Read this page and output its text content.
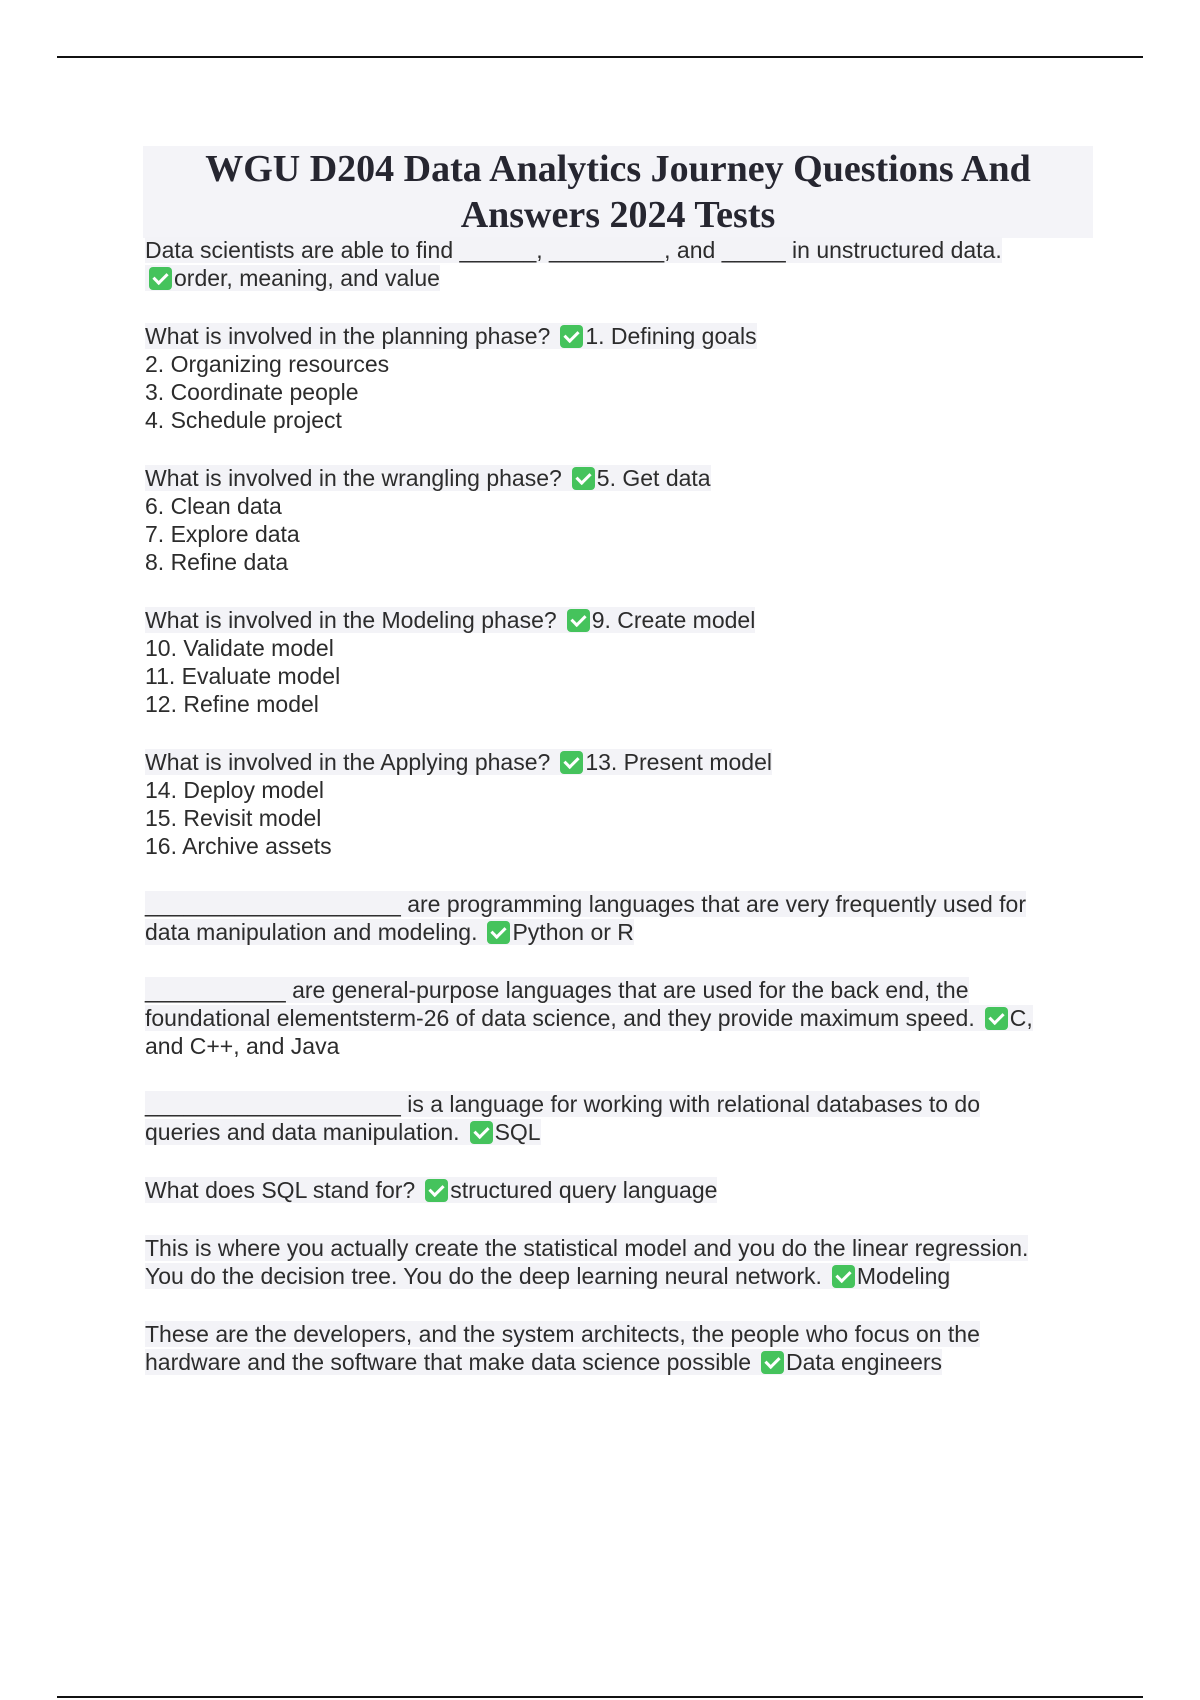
WGU D204 Data Analytics Journey Questions And
Answers 2024 Tests
Data scientists are able to find ______, _________, and _____ in unstructured data.
order, meaning, and value
What is involved in the planning phase? 1. Defining goals
2. Organizing resources
3. Coordinate people
4. Schedule project
What is involved in the wrangling phase? 5. Get data
6. Clean data
7. Explore data
8. Refine data
What is involved in the Modeling phase? 9. Create model
10. Validate model
11. Evaluate model
12. Refine model
What is involved in the Applying phase? 13. Present model
14. Deploy model
15. Revisit model
16. Archive assets
____________________ are programming languages that are very frequently used for
data manipulation and modeling. Python or R
___________ are general-purpose languages that are used for the back end, the
foundational elementsterm-26 of data science, and they provide maximum speed. C,
and C++, and Java
____________________ is a language for working with relational databases to do
queries and data manipulation. SQL
What does SQL stand for? structured query language
This is where you actually create the statistical model and you do the linear regression.
You do the decision tree. You do the deep learning neural network. Modeling
These are the developers, and the system architects, the people who focus on the
hardware and the software that make data science possible Data engineers
